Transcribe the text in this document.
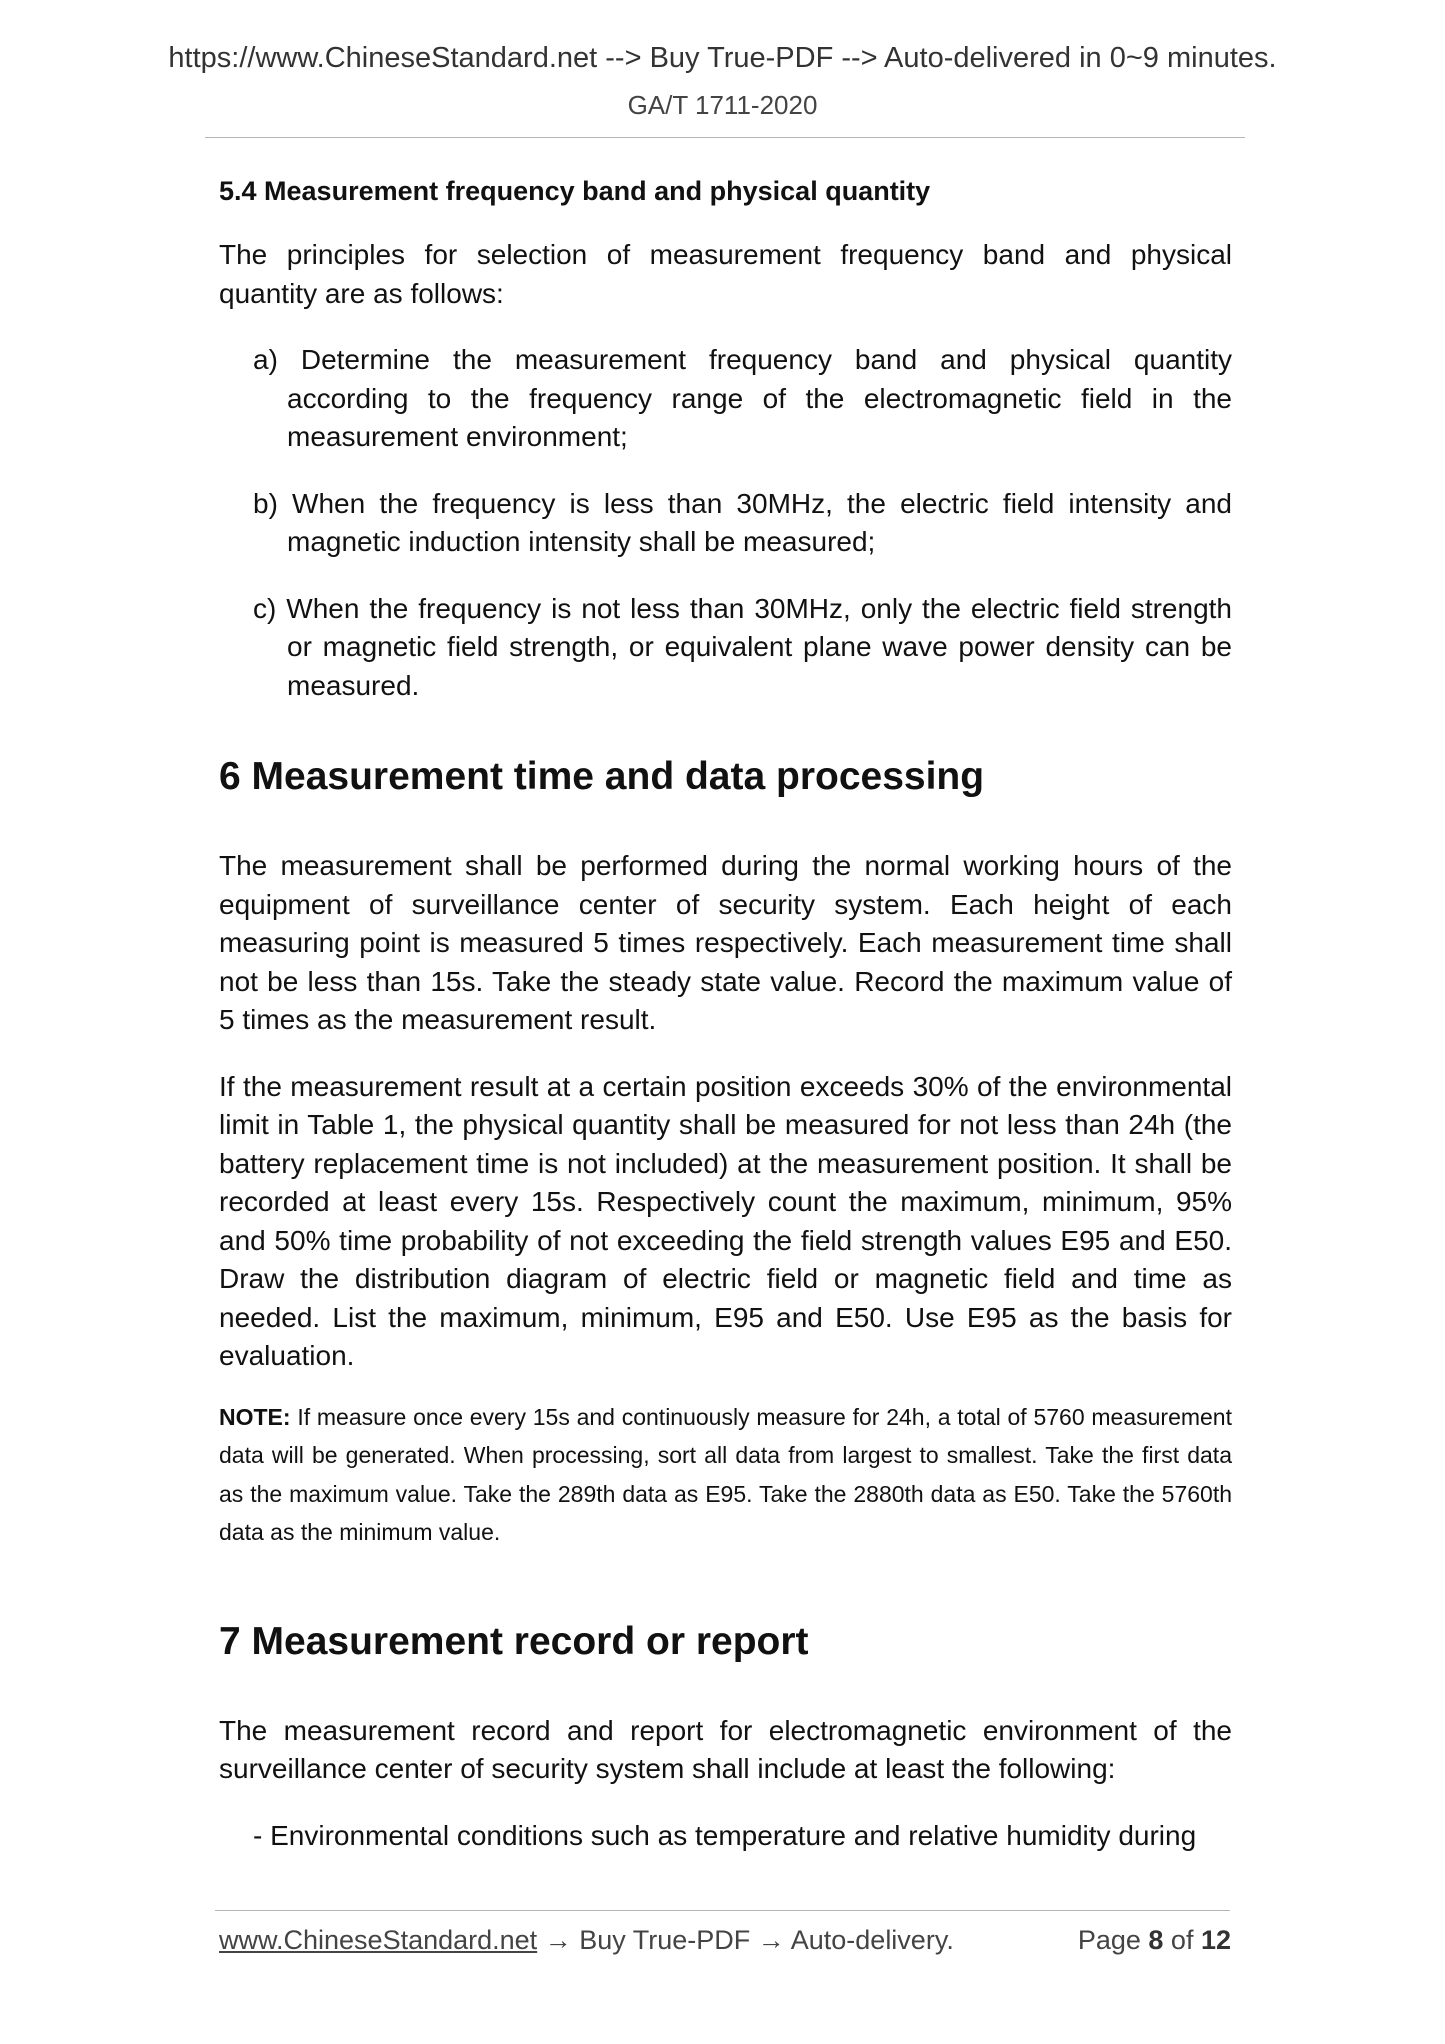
https://www.ChineseStandard.net --> Buy True-PDF --> Auto-delivered in 0~9 minutes.
GA/T 1711-2020
5.4 Measurement frequency band and physical quantity

The principles for selection of measurement frequency band and physical quantity are as follows:

a) Determine the measurement frequency band and physical quantity according to the frequency range of the electromagnetic field in the measurement environment;
b) When the frequency is less than 30MHz, the electric field intensity and magnetic induction intensity shall be measured;
c) When the frequency is not less than 30MHz, only the electric field strength or magnetic field strength, or equivalent plane wave power density can be measured.
6 Measurement time and data processing

The measurement shall be performed during the normal working hours of the equipment of surveillance center of security system. Each height of each measuring point is measured 5 times respectively. Each measurement time shall not be less than 15s. Take the steady state value. Record the maximum value of 5 times as the measurement result.

If the measurement result at a certain position exceeds 30% of the environmental limit in Table 1, the physical quantity shall be measured for not less than 24h (the battery replacement time is not included) at the measurement position. It shall be recorded at least every 15s. Respectively count the maximum, minimum, 95% and 50% time probability of not exceeding the field strength values E95 and E50. Draw the distribution diagram of electric field or magnetic field and time as needed. List the maximum, minimum, E95 and E50. Use E95 as the basis for evaluation.

NOTE: If measure once every 15s and continuously measure for 24h, a total of 5760 measurement data will be generated. When processing, sort all data from largest to smallest. Take the first data as the maximum value. Take the 289th data as E95. Take the 2880th data as E50. Take the 5760th data as the minimum value.

7 Measurement record or report

The measurement record and report for electromagnetic environment of the surveillance center of security system shall include at least the following:

- Environmental conditions such as temperature and relative humidity during
www.ChineseStandard.net → Buy True-PDF → Auto-delivery.	Page 8 of 12
